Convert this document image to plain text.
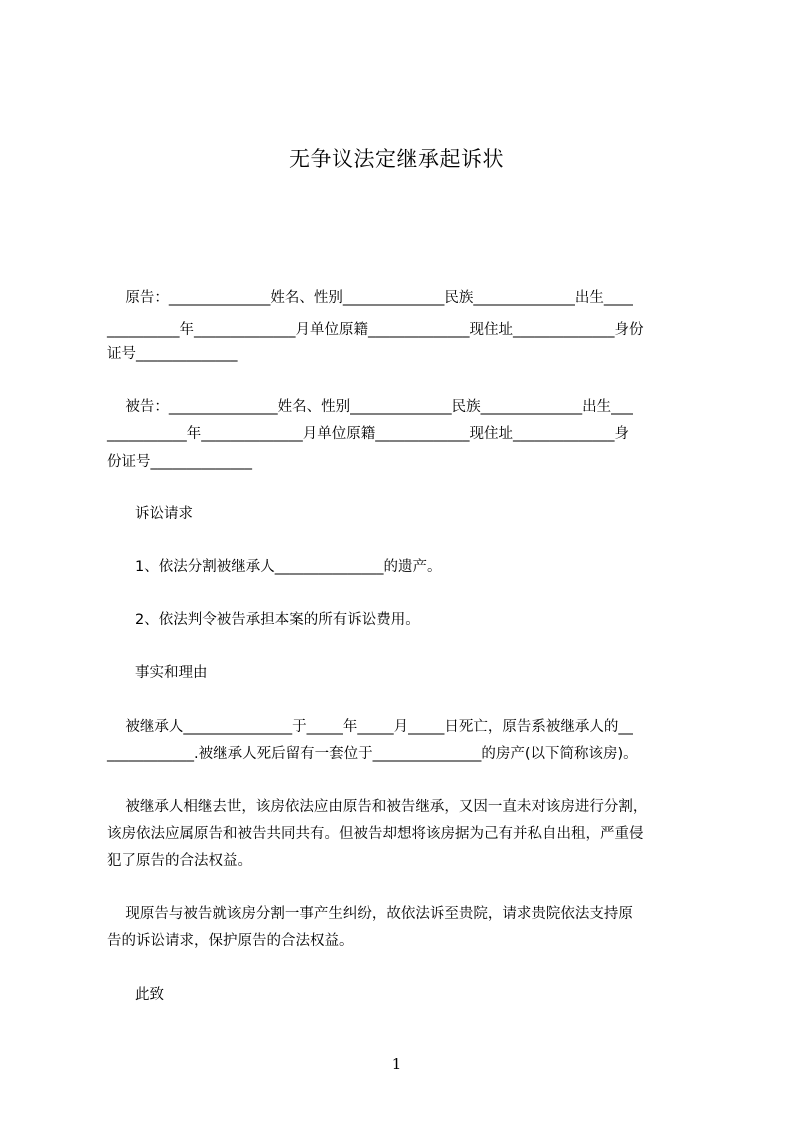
无争议法定继承起诉状
原告：______________姓名、性别______________民族______________出生____
__________年______________月单位原籍______________现住址______________身份
证号______________
被告：_______________姓名、性别______________民族______________出生___
___________年______________月单位原籍_____________现住址______________身
份证号______________
诉讼请求
1、依法分割被继承人_______________的遗产。
2、依法判令被告承担本案的所有诉讼费用。
事实和理由
被继承人_______________于_____年_____月_____日死亡，原告系被继承人的__
____________.被继承人死后留有一套位于_______________的房产(以下简称该房)。
被继承人相继去世，该房依法应由原告和被告继承，又因一直未对该房进行分割，
该房依法应属原告和被告共同共有。但被告却想将该房据为己有并私自出租，严重侵
犯了原告的合法权益。
现原告与被告就该房分割一事产生纠纷，故依法诉至贵院，请求贵院依法支持原
告的诉讼请求，保护原告的合法权益。
此致
1
